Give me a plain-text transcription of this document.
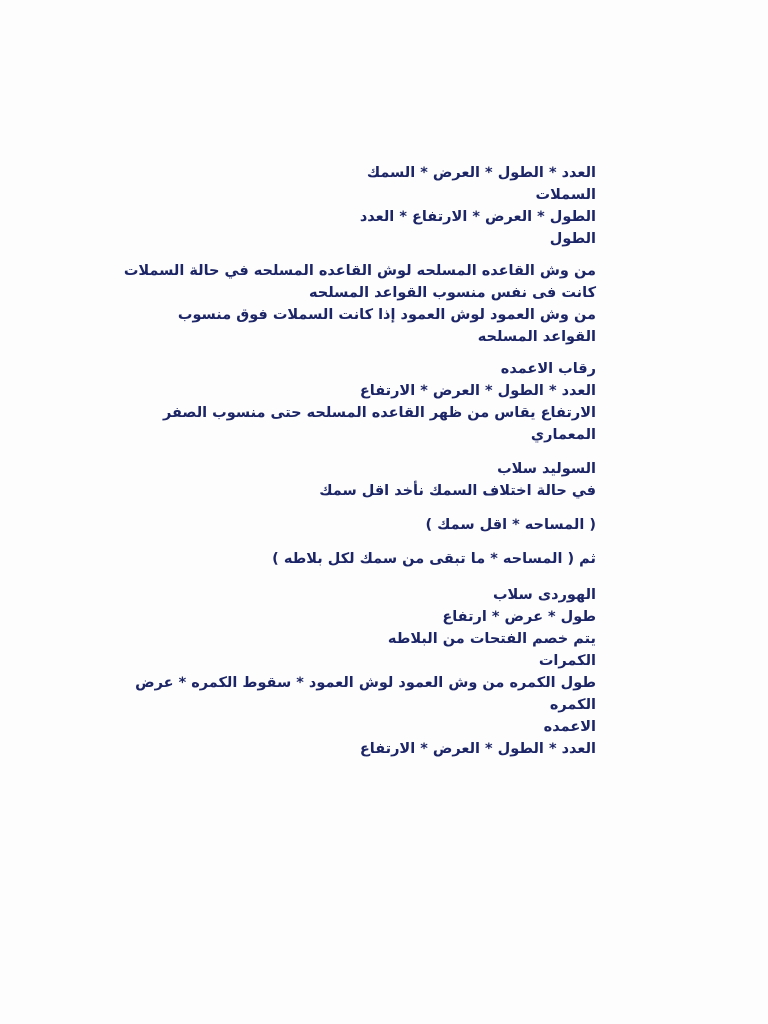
العدد * الطول * العرض * السمك
السملات
الطول * العرض * الارتفاع * العدد
الطول
من وش القاعده المسلحه لوش القاعده المسلحه في حالة السملات
كانت فى نفس منسوب القواعد المسلحه
من وش العمود لوش العمود إذا كانت السملات فوق منسوب
القواعد المسلحه
رقاب الاعمده
العدد * الطول * العرض * الارتفاع
الارتفاع يقاس من ظهر القاعده المسلحه حتى منسوب الصفر
المعماري
السوليد سلاب
في حالة اختلاف السمك نأخد اقل سمك
( المساحه * اقل سمك )
ثم ( المساحه * ما تبقى من سمك لكل بلاطه )
الهوردى سلاب
طول * عرض * ارتفاع
يتم خصم الفتحات من البلاطه
الكمرات
طول الكمره من وش العمود لوش العمود * سقوط الكمره * عرض
الكمره
الاعمده
العدد * الطول * العرض * الارتفاع
